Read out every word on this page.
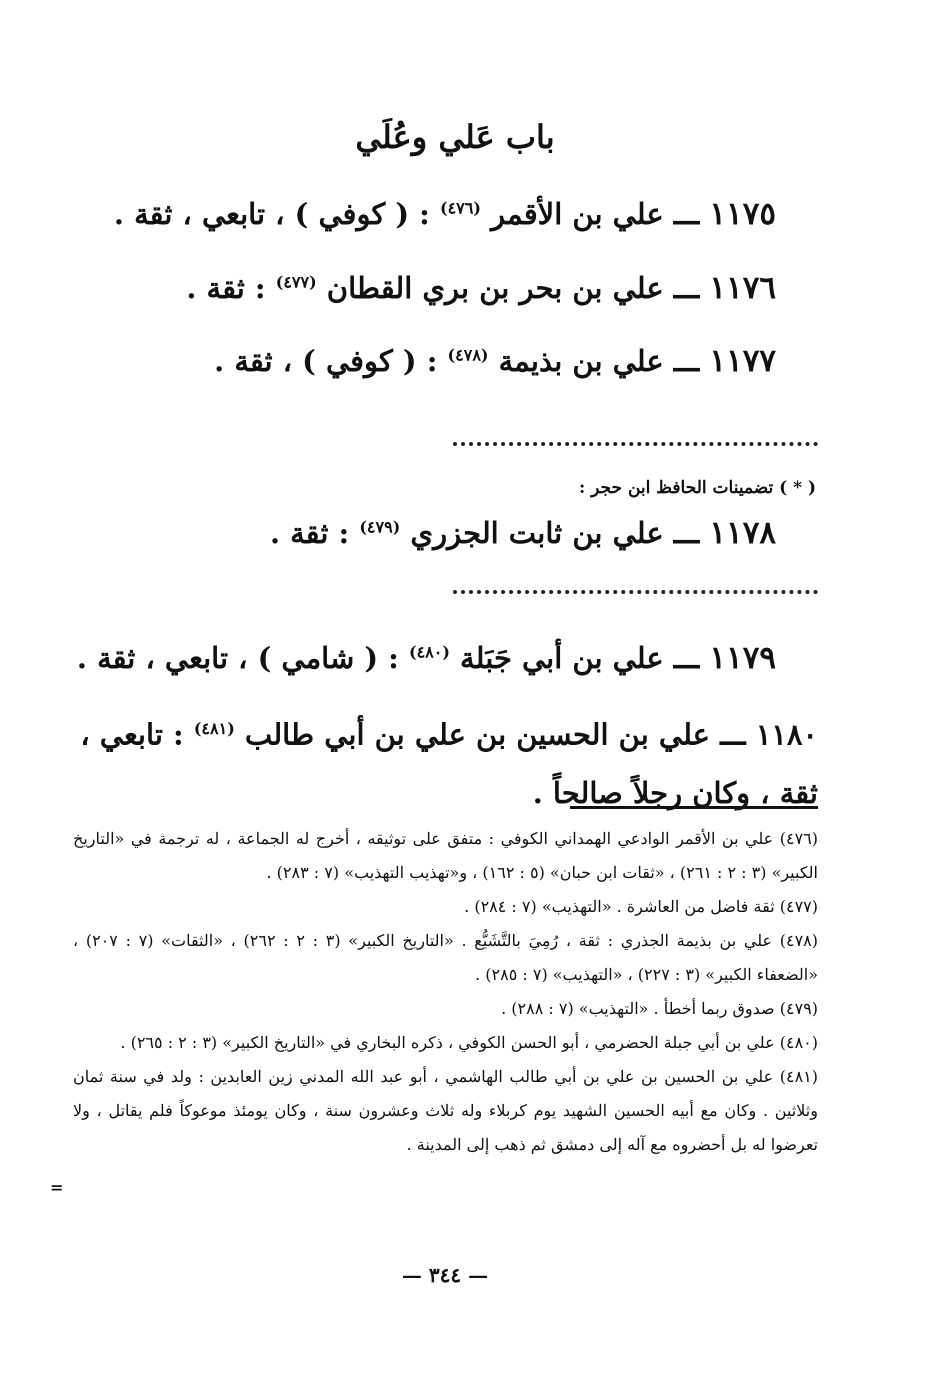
باب عَلي وعُلَي
١١٧٥ ـــ علي بن الأقمر $^{(٤٧٦)}$ : ( كوفي ) ، تابعي ، ثقة .
١١٧٦ ـــ علي بن بحر بن بري القطان $^{(٤٧٧)}$ : ثقة .
١١٧٧ ـــ علي بن بذيمة $^{(٤٧٨)}$ : ( كوفي ) ، ثقة .
( * ) تضمينات الحافظ ابن حجر :
١١٧٨ ـــ علي بن ثابت الجزري $^{(٤٧٩)}$ : ثقة .
١١٧٩ ـــ علي بن أبي جَبَلة $^{(٤٨٠)}$ : ( شامي ) ، تابعي ، ثقة .
١١٨٠ ـــ علي بن الحسين بن علي بن أبي طالب $^{(٤٨١)}$ : تابعي ، ثقة ، وكان رجلاً صالحاً .

(٤٧٦) علي بن الأقمر الوادعي الهمداني الكوفي : متفق على توثيقه ، أخرج له الجماعة ، له ترجمة في «التاريخ الكبير» (٣ : ٢ : ٢٦١) ، «ثقات ابن حبان» (٥ : ١٦٢) ، و«تهذيب التهذيب» (٧ : ٢٨٣) .

(٤٧٧) ثقة فاضل من العاشرة . «التهذيب» (٧ : ٢٨٤) .

(٤٧٨) علي بن بذيمة الجذري : ثقة ، رُمِيَ بالتَّشَيُّع . «التاريخ الكبير» (٣ : ٢ : ٢٦٢) ، «الثقات» (٧ : ٢٠٧) ، «الضعفاء الكبير» (٣ : ٢٢٧) ، «التهذيب» (٧ : ٢٨٥) .

(٤٧٩) صدوق ربما أخطأ . «التهذيب» (٧ : ٢٨٨) .

(٤٨٠) علي بن أبي جبلة الحضرمي ، أبو الحسن الكوفي ، ذكره البخاري في «التاريخ الكبير» (٣ : ٢ : ٢٦٥) .

(٤٨١) علي بن الحسين بن علي بن أبي طالب الهاشمي ، أبو عبد الله المدني زين العابدين : ولد في سنة ثمان وثلاثين . وكان مع أبيه الحسين الشهيد يوم كربلاء وله ثلاث وعشرون سنة ، وكان يومئذ موعوكاً فلم يقاتل ، ولا تعرضوا له بل أحضروه مع آله إلى دمشق ثم ذهب إلى المدينة .

=
— ٣٤٤ —
